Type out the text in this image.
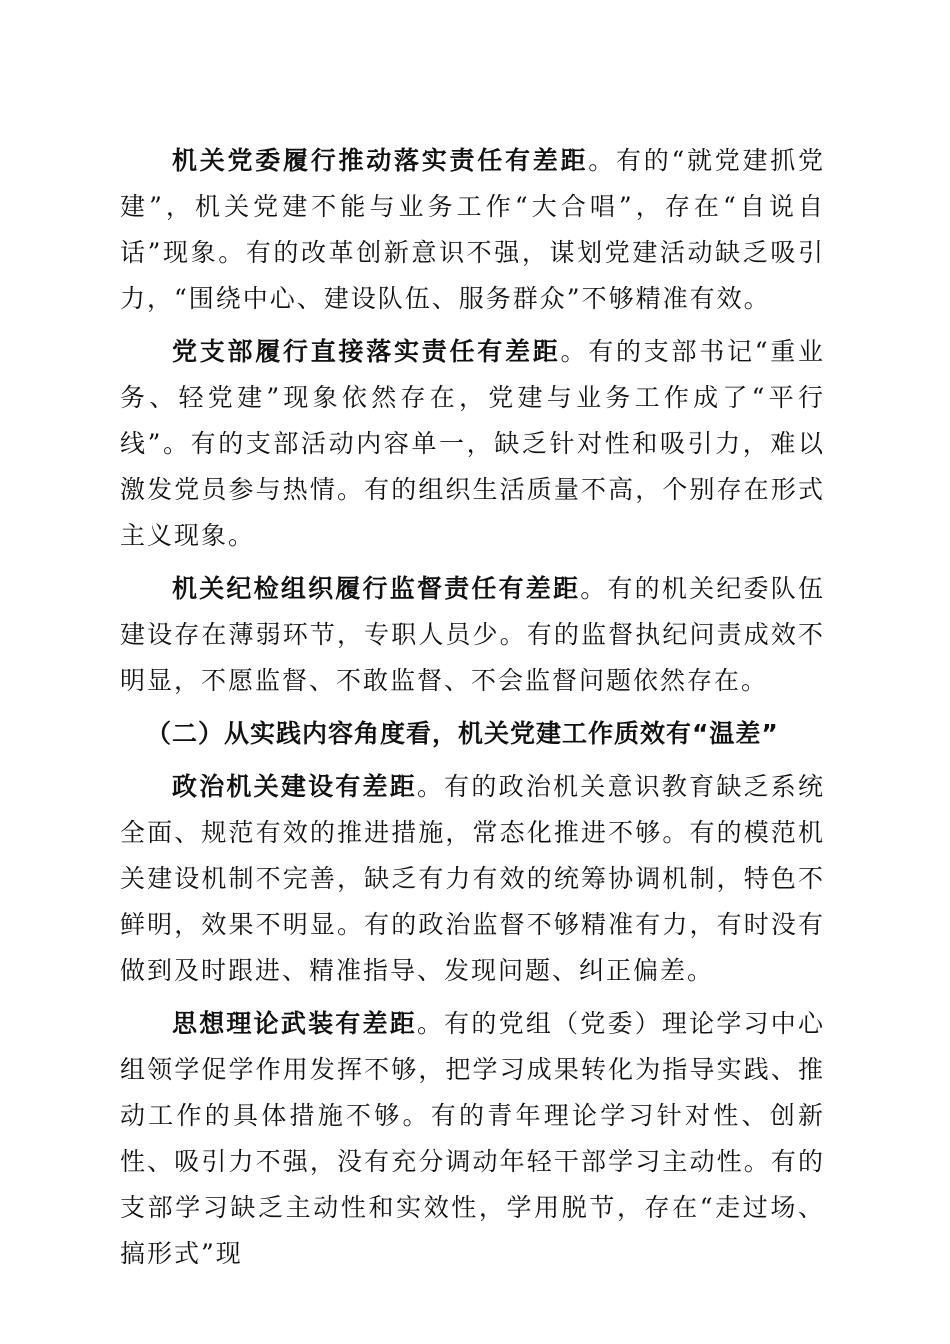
机关党委履行推动落实责任有差距。有的“就党建抓党建”，机关党建不能与业务工作“大合唱”，存在“自说自话”现象。有的改革创新意识不强，谋划党建活动缺乏吸引力，“围绕中心、建设队伍、服务群众”不够精准有效。

党支部履行直接落实责任有差距。有的支部书记“重业务、轻党建”现象依然存在，党建与业务工作成了“平行线”。有的支部活动内容单一，缺乏针对性和吸引力，难以激发党员参与热情。有的组织生活质量不高，个别存在形式主义现象。

机关纪检组织履行监督责任有差距。有的机关纪委队伍建设存在薄弱环节，专职人员少。有的监督执纪问责成效不明显，不愿监督、不敢监督、不会监督问题依然存在。

（二）从实践内容角度看，机关党建工作质效有“温差”

政治机关建设有差距。有的政治机关意识教育缺乏系统全面、规范有效的推进措施，常态化推进不够。有的模范机关建设机制不完善，缺乏有力有效的统筹协调机制，特色不鲜明，效果不明显。有的政治监督不够精准有力，有时没有做到及时跟进、精准指导、发现问题、纠正偏差。

思想理论武装有差距。有的党组（党委）理论学习中心组领学促学作用发挥不够，把学习成果转化为指导实践、推动工作的具体措施不够。有的青年理论学习针对性、创新性、吸引力不强，没有充分调动年轻干部学习主动性。有的支部学习缺乏主动性和实效性，学用脱节，存在“走过场、搞形式”现
